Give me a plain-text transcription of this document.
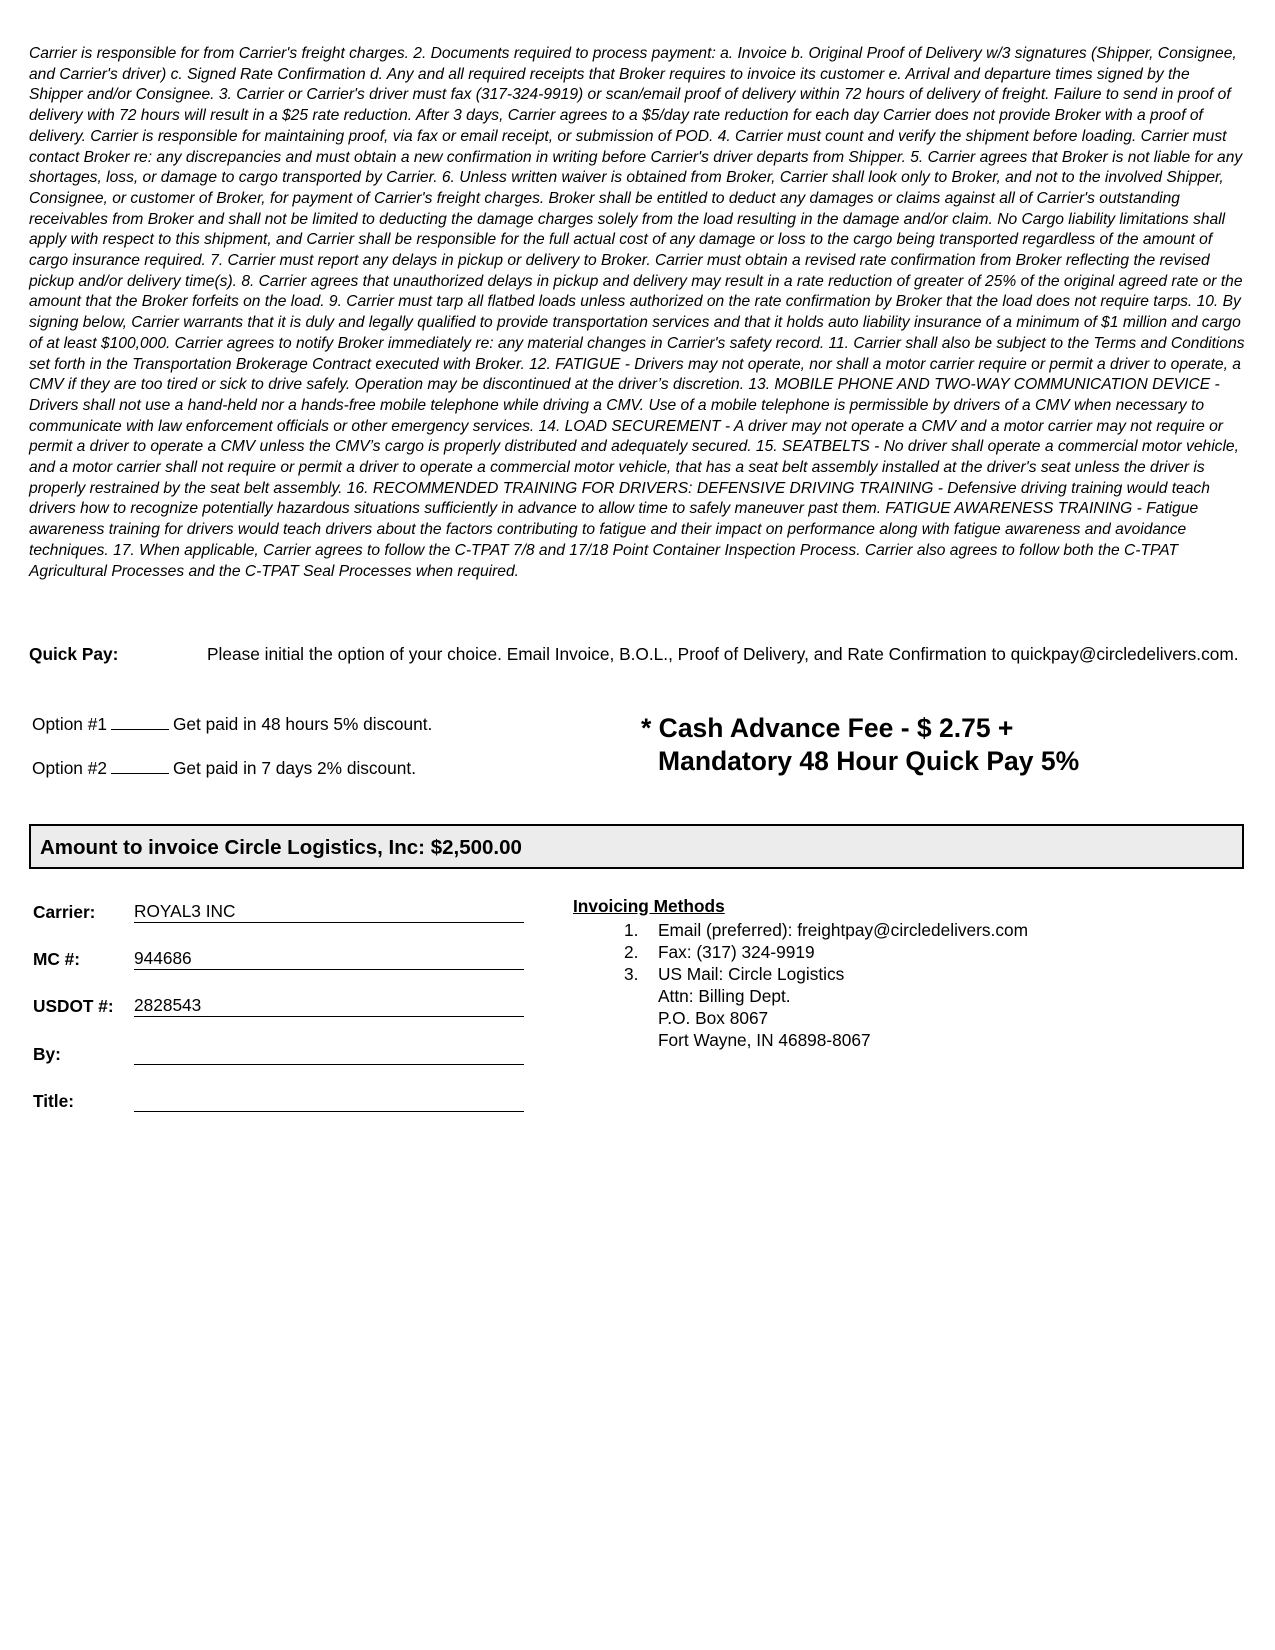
Carrier is responsible for from Carrier's freight charges. 2. Documents required to process payment: a. Invoice b. Original Proof of Delivery w/3 signatures (Shipper, Consignee, and Carrier's driver) c. Signed Rate Confirmation d. Any and all required receipts that Broker requires to invoice its customer e. Arrival and departure times signed by the Shipper and/or Consignee. 3. Carrier or Carrier's driver must fax (317-324-9919) or scan/email proof of delivery within 72 hours of delivery of freight. Failure to send in proof of delivery with 72 hours will result in a $25 rate reduction. After 3 days, Carrier agrees to a $5/day rate reduction for each day Carrier does not provide Broker with a proof of delivery. Carrier is responsible for maintaining proof, via fax or email receipt, or submission of POD. 4. Carrier must count and verify the shipment before loading. Carrier must contact Broker re: any discrepancies and must obtain a new confirmation in writing before Carrier's driver departs from Shipper. 5. Carrier agrees that Broker is not liable for any shortages, loss, or damage to cargo transported by Carrier. 6. Unless written waiver is obtained from Broker, Carrier shall look only to Broker, and not to the involved Shipper, Consignee, or customer of Broker, for payment of Carrier's freight charges. Broker shall be entitled to deduct any damages or claims against all of Carrier's outstanding receivables from Broker and shall not be limited to deducting the damage charges solely from the load resulting in the damage and/or claim. No Cargo liability limitations shall apply with respect to this shipment, and Carrier shall be responsible for the full actual cost of any damage or loss to the cargo being transported regardless of the amount of cargo insurance required. 7. Carrier must report any delays in pickup or delivery to Broker. Carrier must obtain a revised rate confirmation from Broker reflecting the revised pickup and/or delivery time(s). 8. Carrier agrees that unauthorized delays in pickup and delivery may result in a rate reduction of greater of 25% of the original agreed rate or the amount that the Broker forfeits on the load. 9. Carrier must tarp all flatbed loads unless authorized on the rate confirmation by Broker that the load does not require tarps. 10. By signing below, Carrier warrants that it is duly and legally qualified to provide transportation services and that it holds auto liability insurance of a minimum of $1 million and cargo of at least $100,000. Carrier agrees to notify Broker immediately re: any material changes in Carrier's safety record. 11. Carrier shall also be subject to the Terms and Conditions set forth in the Transportation Brokerage Contract executed with Broker. 12. FATIGUE - Drivers may not operate, nor shall a motor carrier require or permit a driver to operate, a CMV if they are too tired or sick to drive safely. Operation may be discontinued at the driver’s discretion. 13. MOBILE PHONE AND TWO-WAY COMMUNICATION DEVICE - Drivers shall not use a hand-held nor a hands-free mobile telephone while driving a CMV. Use of a mobile telephone is permissible by drivers of a CMV when necessary to communicate with law enforcement officials or other emergency services. 14. LOAD SECUREMENT - A driver may not operate a CMV and a motor carrier may not require or permit a driver to operate a CMV unless the CMV’s cargo is properly distributed and adequately secured. 15. SEATBELTS - No driver shall operate a commercial motor vehicle, and a motor carrier shall not require or permit a driver to operate a commercial motor vehicle, that has a seat belt assembly installed at the driver's seat unless the driver is properly restrained by the seat belt assembly. 16. RECOMMENDED TRAINING FOR DRIVERS: DEFENSIVE DRIVING TRAINING - Defensive driving training would teach drivers how to recognize potentially hazardous situations sufficiently in advance to allow time to safely maneuver past them. FATIGUE AWARENESS TRAINING - Fatigue awareness training for drivers would teach drivers about the factors contributing to fatigue and their impact on performance along with fatigue awareness and avoidance techniques. 17. When applicable, Carrier agrees to follow the C-TPAT 7/8 and 17/18 Point Container Inspection Process. Carrier also agrees to follow both the C-TPAT Agricultural Processes and the C-TPAT Seal Processes when required.

Quick Pay:	Please initial the option of your choice. Email Invoice, B.O.L., Proof of Delivery, and Rate Confirmation to quickpay@circledelivers.com.
Option #1	Get paid in 48 hours 5% discount.
Option #2	Get paid in 7 days 2% discount.
* Cash Advance Fee - $ 2.75 +
Mandatory 48 Hour Quick Pay 5%
Amount to invoice Circle Logistics, Inc: $2,500.00
Carrier: ROYAL3 INC
MC #:	944686
USDOT #: 2828543
By:
Title:
Invoicing Methods
1. Email (preferred): freightpay@circledelivers.com
2. Fax: (317) 324-9919
3. US Mail: Circle Logistics
Attn: Billing Dept.
P.O. Box 8067
Fort Wayne, IN 46898-8067
